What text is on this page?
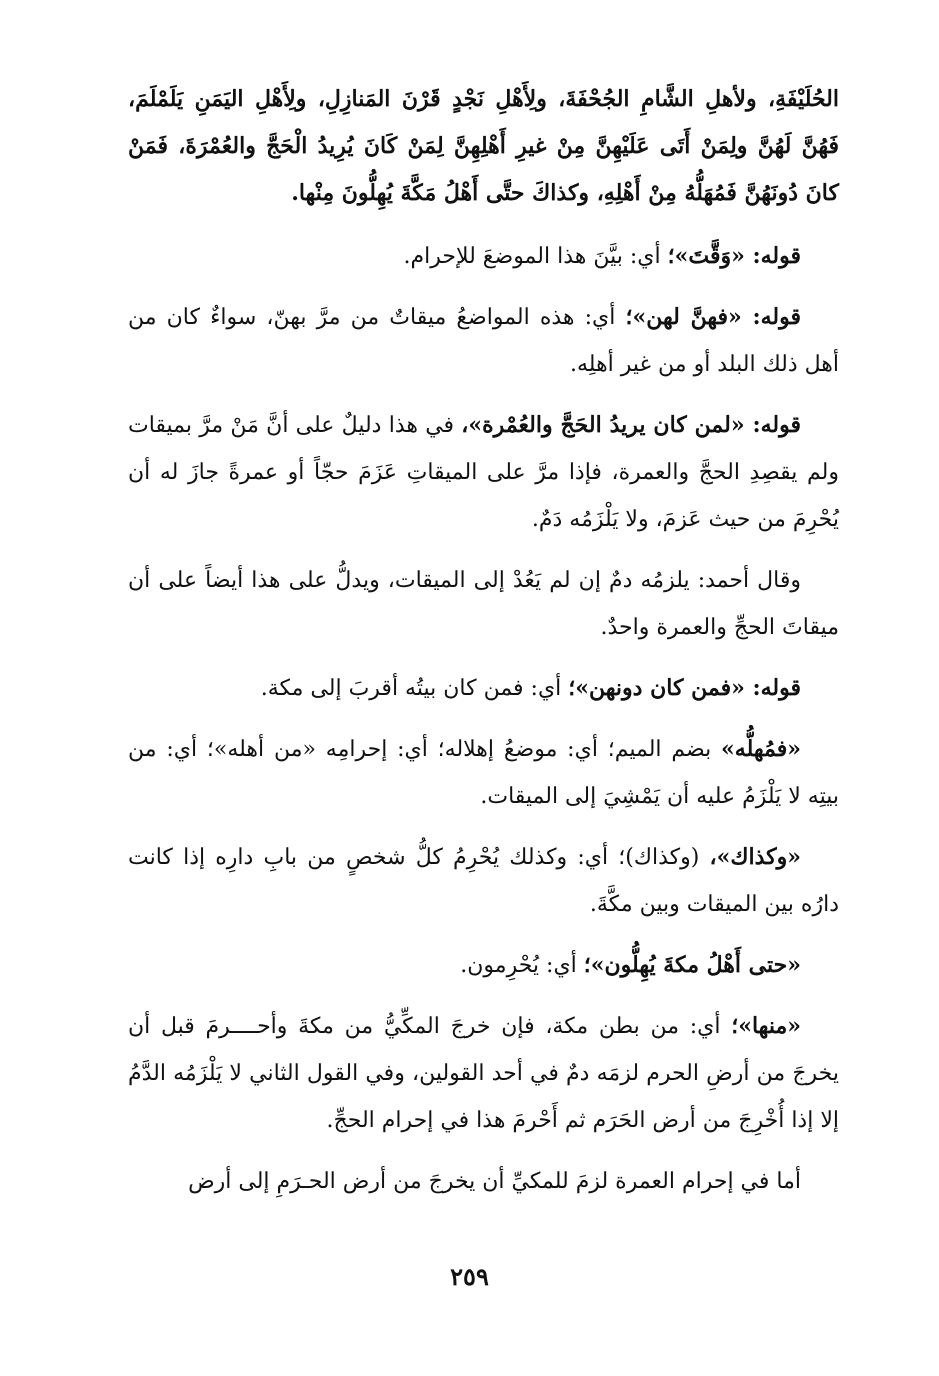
الحُلَيْفَةِ، ولأهلِ الشَّامِ الجُحْفَةَ، ولِأَهْلِ نَجْدٍ قَرْنَ المَنازِلِ، ولِأَهْلِ اليَمَنِ يَلَمْلَمَ، فَهُنَّ لَهُنَّ ولِمَنْ أَتَى عَلَيْهِنَّ مِنْ غيرِ أَهْلِهِنَّ لِمَنْ كَانَ يُرِيدُ الْحَجَّ والعُمْرَةَ، فَمَنْ كانَ دُونَهُنَّ فَمُهَلُّهُ مِنْ أَهْلِهِ، وكذاكَ حتَّى أَهْلُ مَكَّةَ يُهِلُّونَ مِنْها.

قوله: «وَقَّتَ»؛ أي: بيَّنَ هذا الموضعَ للإحرام.

قوله: «فهنَّ لهن»؛ أي: هذه المواضعُ ميقاتٌ من مرَّ بهنّ، سواءٌ كان من أهل ذلك البلد أو من غير أهلِه.

قوله: «لمن كان يريدُ الحَجَّ والعُمْرة»، في هذا دليلٌ على أنَّ مَنْ مرَّ بميقات ولم يقصِدِ الحجَّ والعمرة، فإذا مرَّ على الميقاتِ عَزَمَ حجّاً أو عمرةً جازَ له أن يُحْرِمَ من حيث عَزمَ، ولا يَلْزَمُه دَمٌ.

وقال أحمد: يلزمُه دمٌ إن لم يَعُدْ إلى الميقات، ويدلُّ على هذا أيضاً على أن ميقاتَ الحجِّ والعمرة واحدٌ.

قوله: «فمن كان دونهن»؛ أي: فمن كان بيتُه أقربَ إلى مكة.

«فمُهلُّه» بضم الميم؛ أي: موضعُ إهلاله؛ أي: إحرامِه «من أهله»؛ أي: من بيتِه لا يَلْزَمُ عليه أن يَمْشِيَ إلى الميقات.

«وكذاك»، (وكذاك)؛ أي: وكذلك يُحْرِمُ كلُّ شخصٍ من بابِ دارِه إذا كانت دارُه بين الميقات وبين مكَّةَ.

«حتى أَهْلُ مكةَ يُهِلُّون»؛ أي: يُحْرِمون.

«منها»؛ أي: من بطن مكة، فإن خرجَ المكِّيُّ من مكةَ وأحــــرمَ قبل أن يخرجَ من أرضِ الحرم لزمَه دمٌ في أحد القولين، وفي القول الثاني لا يَلْزَمُه الدَّمُ إلا إذا أُخْرِجَ من أرض الحَرَم ثم أَحْرمَ هذا في إحرام الحجِّ.

أما في إحرام العمرة لزمَ للمكيِّ أن يخرجَ من أرض الحـرَمِ إلى أرض

٢٥٩
